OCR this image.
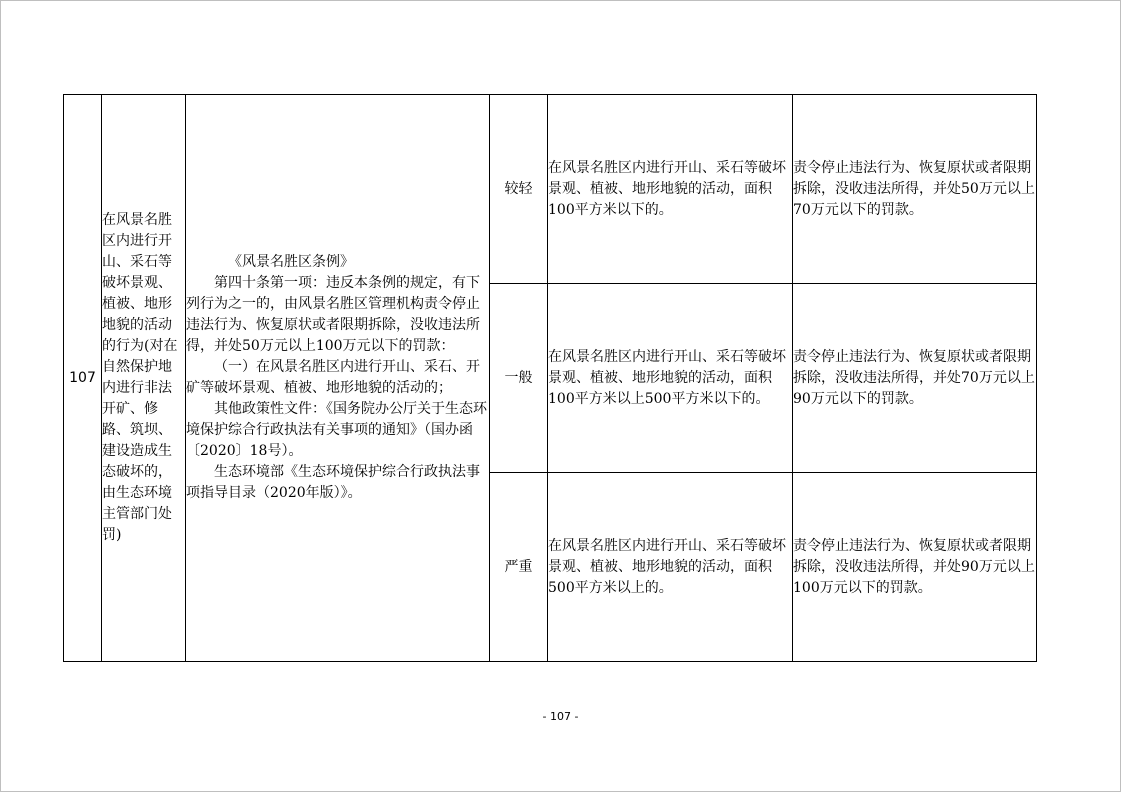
107	在风景名胜区内进行开山、采石等破坏景观、植被、地形地貌的活动的行为(对在自然保护地内进行非法开矿、修路、筑坝、建设造成生态破坏的，由生态环境主管部门处罚)	《风景名胜区条例》

第四十条第一项：违反本条例的规定，有下列行为之一的，由风景名胜区管理机构责令停止违法行为、恢复原状或者限期拆除，没收违法所得，并处50万元以上100万元以下的罚款：

（一）在风景名胜区内进行开山、采石、开矿等破坏景观、植被、地形地貌的活动的；

其他政策性文件：《国务院办公厅关于生态环境保护综合行政执法有关事项的通知》（国办函〔2020〕18号）。

生态环境部《生态环境保护综合行政执法事项指导目录（2020年版）》。	较轻	在风景名胜区内进行开山、采石等破坏景观、植被、地形地貌的活动，面积100平方米以下的。	责令停止违法行为、恢复原状或者限期拆除，没收违法所得，并处50万元以上70万元以下的罚款。
			一般	在风景名胜区内进行开山、采石等破坏景观、植被、地形地貌的活动，面积100平方米以上500平方米以下的。	责令停止违法行为、恢复原状或者限期拆除，没收违法所得，并处70万元以上90万元以下的罚款。
			严重	在风景名胜区内进行开山、采石等破坏景观、植被、地形地貌的活动，面积500平方米以上的。	责令停止违法行为、恢复原状或者限期拆除，没收违法所得，并处90万元以上100万元以下的罚款。
- 107 -
